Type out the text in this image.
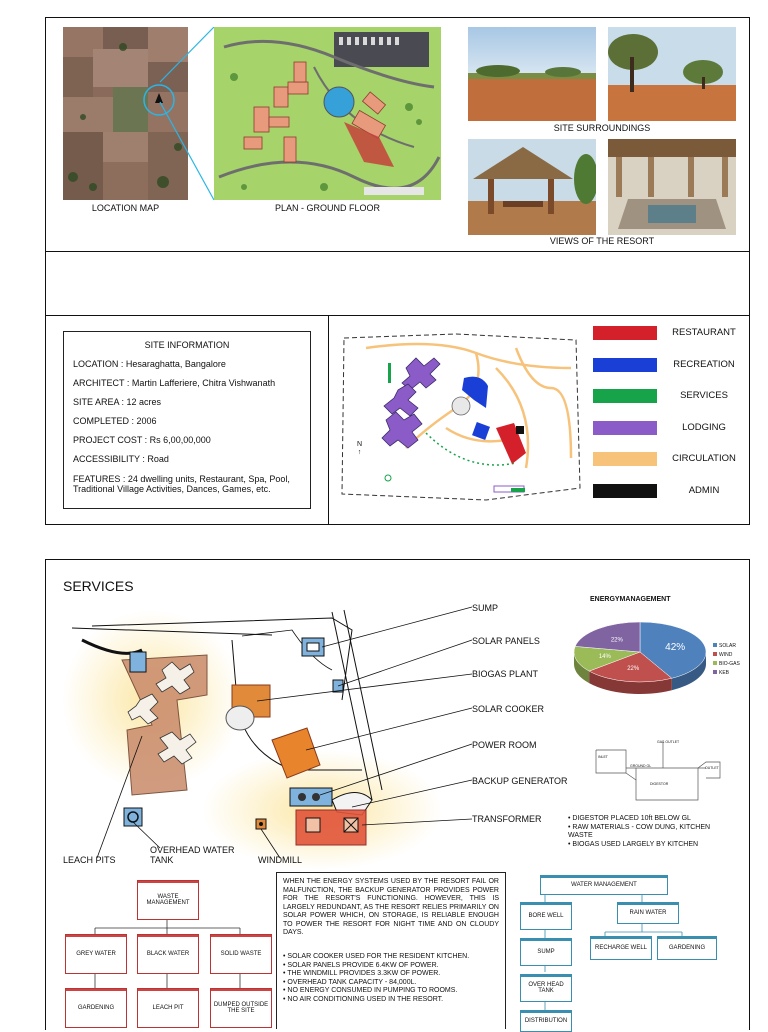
LOCATION MAP	PLAN - GROUND FLOOR
SITE SURROUNDINGS
VIEWS OF THE RESORT
SITE INFORMATION
LOCATION : Hesaraghatta, Bangalore
ARCHITECT : Martin Lafferiere, Chitra Vishwanath
SITE AREA : 12 acres
COMPLETED : 2006
PROJECT COST : Rs 6,00,00,000
ACCESSIBILITY : Road
FEATURES : 24 dwelling units, Restaurant, Spa, Pool,
Traditional Village Activities, Dances, Games, etc.
N
↑
RESTAURANT
RECREATION
SERVICES
LODGING
CIRCULATION
ADMIN
SERVICES
SUMP
SOLAR PANELS
BIOGAS PLANT
SOLAR COOKER
POWER ROOM
BACKUP GENERATOR
TRANSFORMER
LEACH PITS
OVERHEAD WATER
TANK	WINDMILL
ENERGYMANAGEMENT
42%
22%
14%
22%
SOLAR
WIND
BIO-GAS
KEB
GAS OUTLET
INLET
GROUND GL
DIGESTOR
OUTLET
• DIGESTOR PLACED 10ft BELOW GL
• RAW MATERIALS - COW DUNG, KITCHEN
WASTE
• BIOGAS USED LARGELY BY KITCHEN
WASTE MANAGEMENT
GREY WATER	BLACK WATER	SOLID WASTE
GARDENING	LEACH PIT	DUMPED OUTSIDE THE SITE
WHEN THE ENERGY SYSTEMS USED BY THE RESORT FAIL OR MALFUNCTION, THE BACKUP GENERATOR PROVIDES POWER FOR THE RESORT'S FUNCTIONING. HOWEVER, THIS IS LARGELY REDUNDANT, AS THE RESORT RELIES PRIMARILY ON SOLAR POWER WHICH, ON STORAGE, IS RELIABLE ENOUGH TO POWER THE RESORT FOR NIGHT TIME AND ON CLOUDY DAYS.
• SOLAR COOKER USED FOR THE RESIDENT KITCHEN.
• SOLAR PANELS PROVIDE 6.4KW OF POWER.
• THE WINDMILL PROVIDES 3.3KW OF POWER.
• OVERHEAD TANK CAPACITY - 84,000L.
• NO ENERGY CONSUMED IN PUMPING TO ROOMS.
• NO AIR CONDITIONING USED IN THE RESORT.
WATER MANAGEMENT
BORE WELL	RAIN WATER
SUMP
RECHARGE WELL	GARDENING
OVER HEAD TANK
DISTRIBUTION
